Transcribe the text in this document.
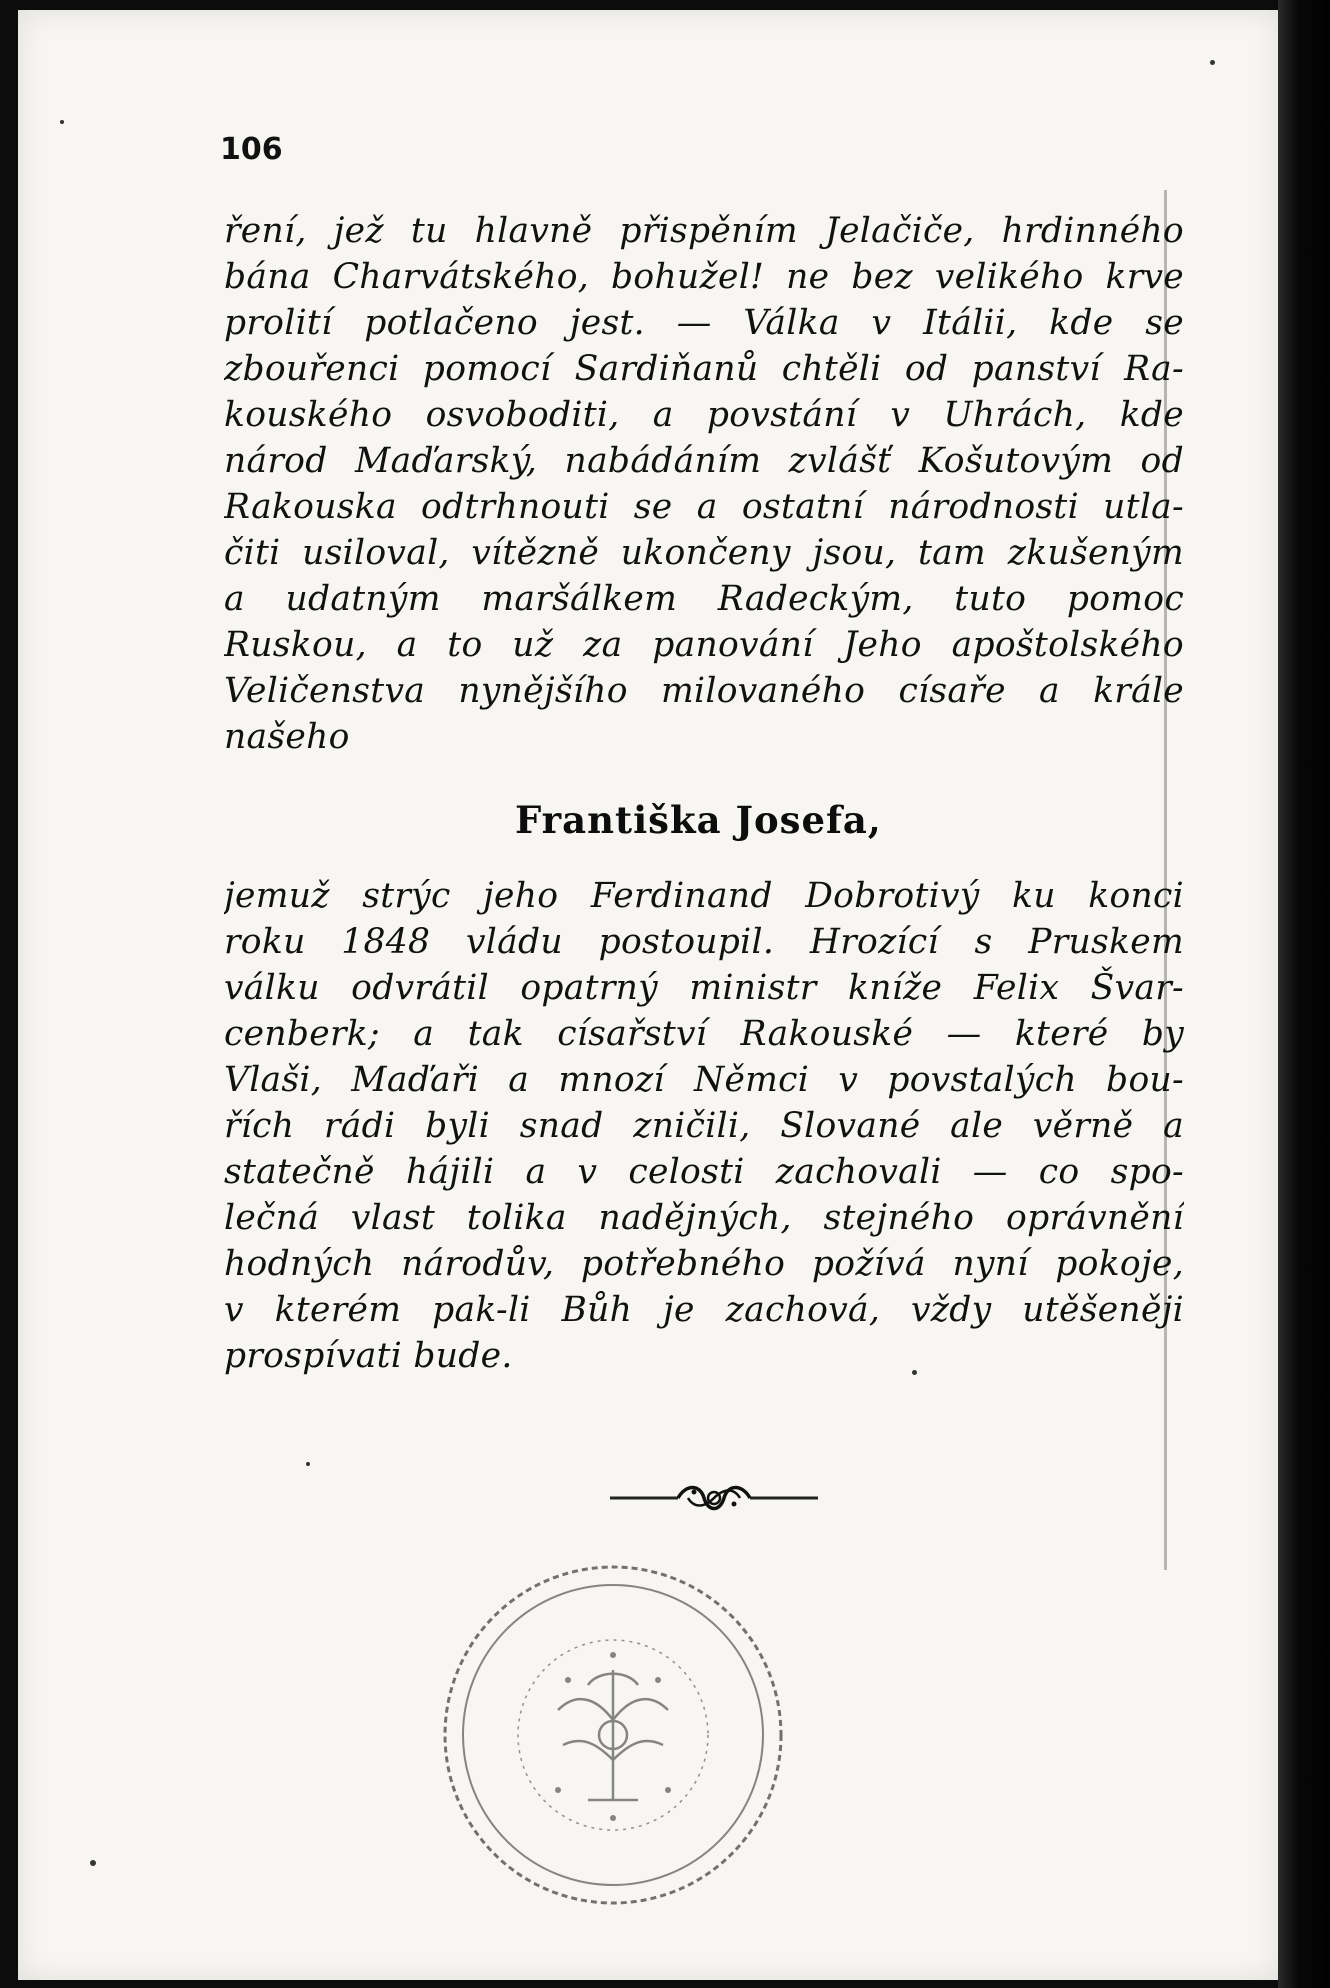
106
ření, jež tu hlavně přispěním Jelačiče, hrdinného
bána Charvátského, bohužel! ne bez velikého krve
prolití potlačeno jest. — Válka v Itálii, kde se
zbouřenci pomocí Sardiňanů chtěli od panství Ra-
kouského osvoboditi, a povstání v Uhrách, kde
národ Maďarský, nabádáním zvlášť Košutovým od
Rakouska odtrhnouti se a ostatní národnosti utla-
čiti usiloval, vítězně ukončeny jsou, tam zkušeným
a udatným maršálkem Radeckým, tuto pomoc
Ruskou, a to už za panování Jeho apoštolského
Veličenstva nynějšího milovaného císaře a krále
našeho
Františka Josefa,
jemuž strýc jeho Ferdinand Dobrotivý ku konci
roku 1848 vládu postoupil. Hrozící s Pruskem
válku odvrátil opatrný ministr kníže Felix Švar-
cenberk; a tak císařství Rakouské — které by
Vlaši, Maďaři a mnozí Němci v povstalých bou-
řích rádi byli snad zničili, Slované ale věrně a
statečně hájili a v celosti zachovali — co spo-
lečná vlast tolika nadějných, stejného oprávnění
hodných národův, potřebného požívá nyní pokoje,
v kterém pak-li Bůh je zachová, vždy utěšeněji
prospívati bude.
